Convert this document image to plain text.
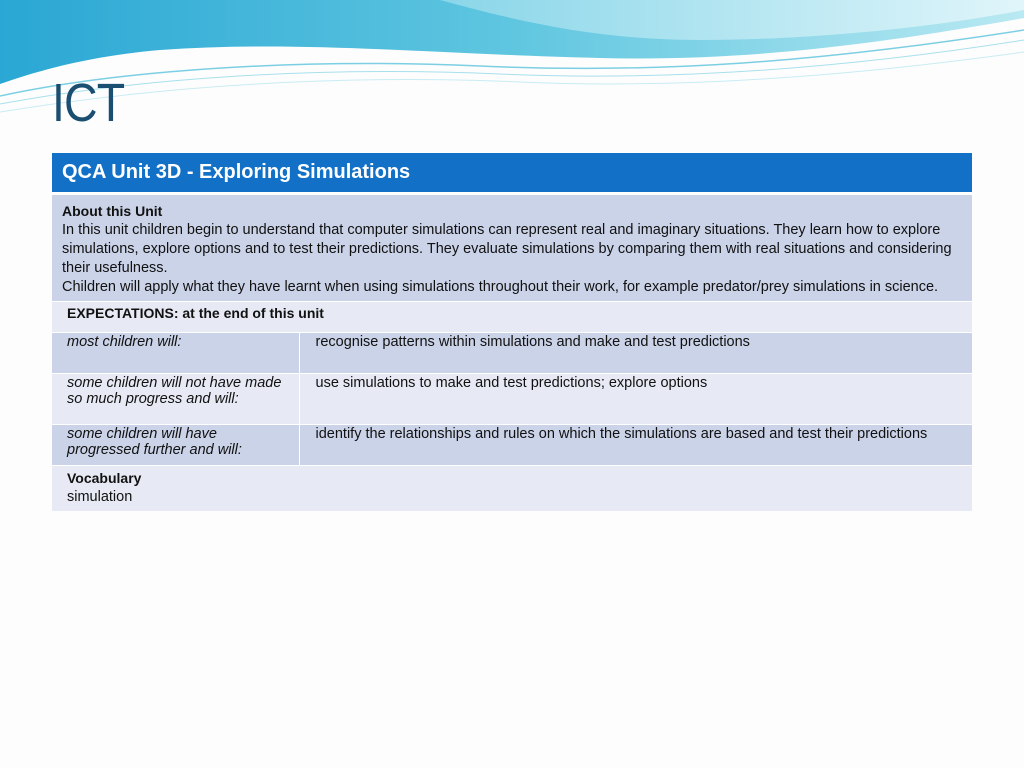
ICT
QCA Unit 3D - Exploring Simulations	

About this Unit
In this unit children begin to understand that computer simulations can represent real and imaginary situations. They learn how to explore simulations, explore options and to test their predictions. They evaluate simulations by comparing them with real situations and considering their usefulness.
Children will apply what they have learnt when using simulations throughout their work, for example predator/prey simulations in science.	

EXPECTATIONS: at the end of this unit	
most children will:	recognise patterns within simulations and make and test predictions
some children will not have made so much progress and will:	use simulations to make and test predictions; explore options
some children will have progressed further and will:	identify the relationships and rules on which the simulations are based and test their predictions

Vocabulary
simulation	
